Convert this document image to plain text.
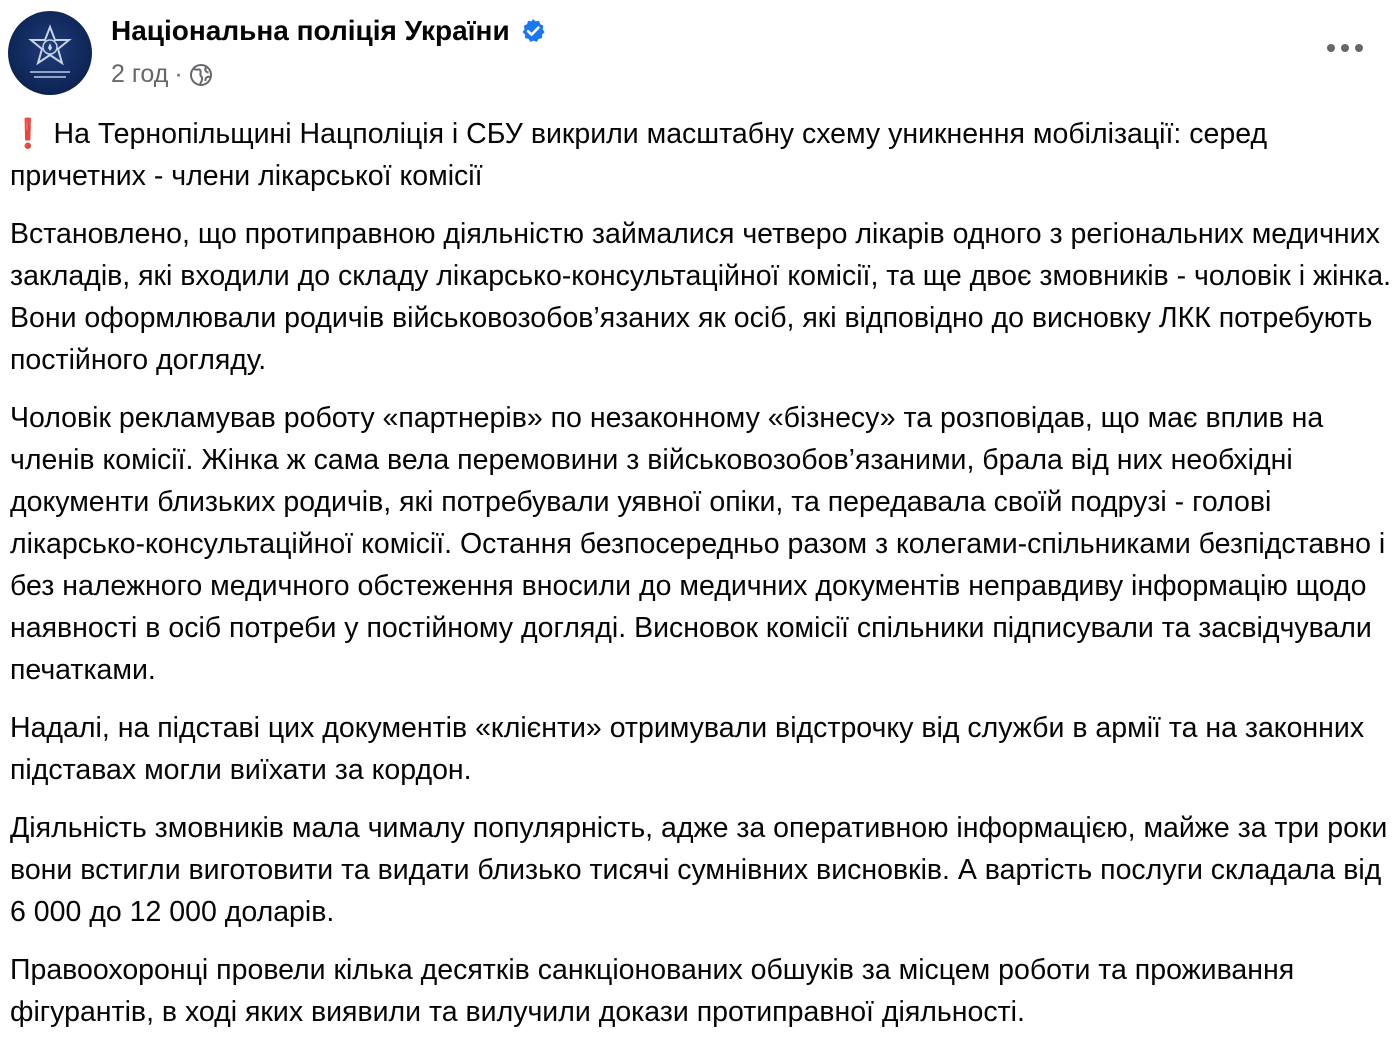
Національна поліція України
2 год ·

❗ На Тернопільщині Нацполіція і СБУ викрили масштабну схему уникнення мобілізації: серед причетних - члени лікарської комісії

Встановлено, що протиправною діяльністю займалися четверо лікарів одного з регіональних медичних закладів, які входили до складу лікарсько-консультаційної комісії, та ще двоє змовників - чоловік і жінка. Вони оформлювали родичів військовозобов’язаних як осіб, які відповідно до висновку ЛКК потребують постійного догляду.

Чоловік рекламував роботу «партнерів» по незаконному «бізнесу» та розповідав, що має вплив на членів комісії. Жінка ж сама вела перемовини з військовозобов’язаними, брала від них необхідні документи близьких родичів, які потребували уявної опіки, та передавала своїй подрузі - голові лікарсько-консультаційної комісії. Остання безпосередньо разом з колегами-спільниками безпідставно і без належного медичного обстеження вносили до медичних документів неправдиву інформацію щодо наявності в осіб потреби у постійному догляді. Висновок комісії спільники підписували та засвідчували печатками.

Надалі, на підставі цих документів «клієнти» отримували відстрочку від служби в армії та на законних підставах могли виїхати за кордон.

Діяльність змовників мала чималу популярність, адже за оперативною інформацією, майже за три роки вони встигли виготовити та видати близько тисячі сумнівних висновків. А вартість послуги складала від 6 000 до 12 000 доларів.

Правоохоронці провели кілька десятків санкціонованих обшуків за місцем роботи та проживання фігурантів, в ході яких виявили та вилучили докази протиправної діяльності.
